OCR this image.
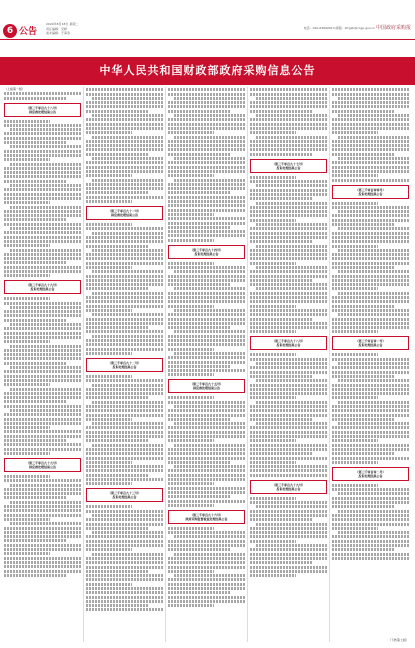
6 公告
2020年8月18日 星期二
责任编辑：宋晔
美术编辑：于海涛
电话：010-63692613 邮箱：zfcgzk@ccgp.gov.cn 中国政府采购报
中华人民共和国财政部政府采购信息公告
（上接第一版）
（第三千零百九十八号）
供应商处理结果公告
（第三千零百九十九号）
投诉处理结果公告
（第三千零百九十九号）
供应商处理结果公告
（第三千零百九十一号）
供应商处理结果公告
（第三千零百九十二号）
投诉处理结果公告
（第三千零百九十三号）
投诉处理结果公告
（第三千零百九十四号）
投诉处理结果公告
（第三千零百九十五号）
供应商处理结果公告
（第三千零百九十六号）
政府采购监督检查处理结果公告
（第三千零百九十七号）
投诉处理结果公告
（第三千零百九十八号）
投诉处理结果公告
（第三千零百九十九号）
投诉处理结果公告
（第三千零百零零号）
投诉处理结果公告
（第三千零百零一号）
投诉处理结果公告
（第三千零百零二号）
投诉处理结果公告
（下转第七版）
